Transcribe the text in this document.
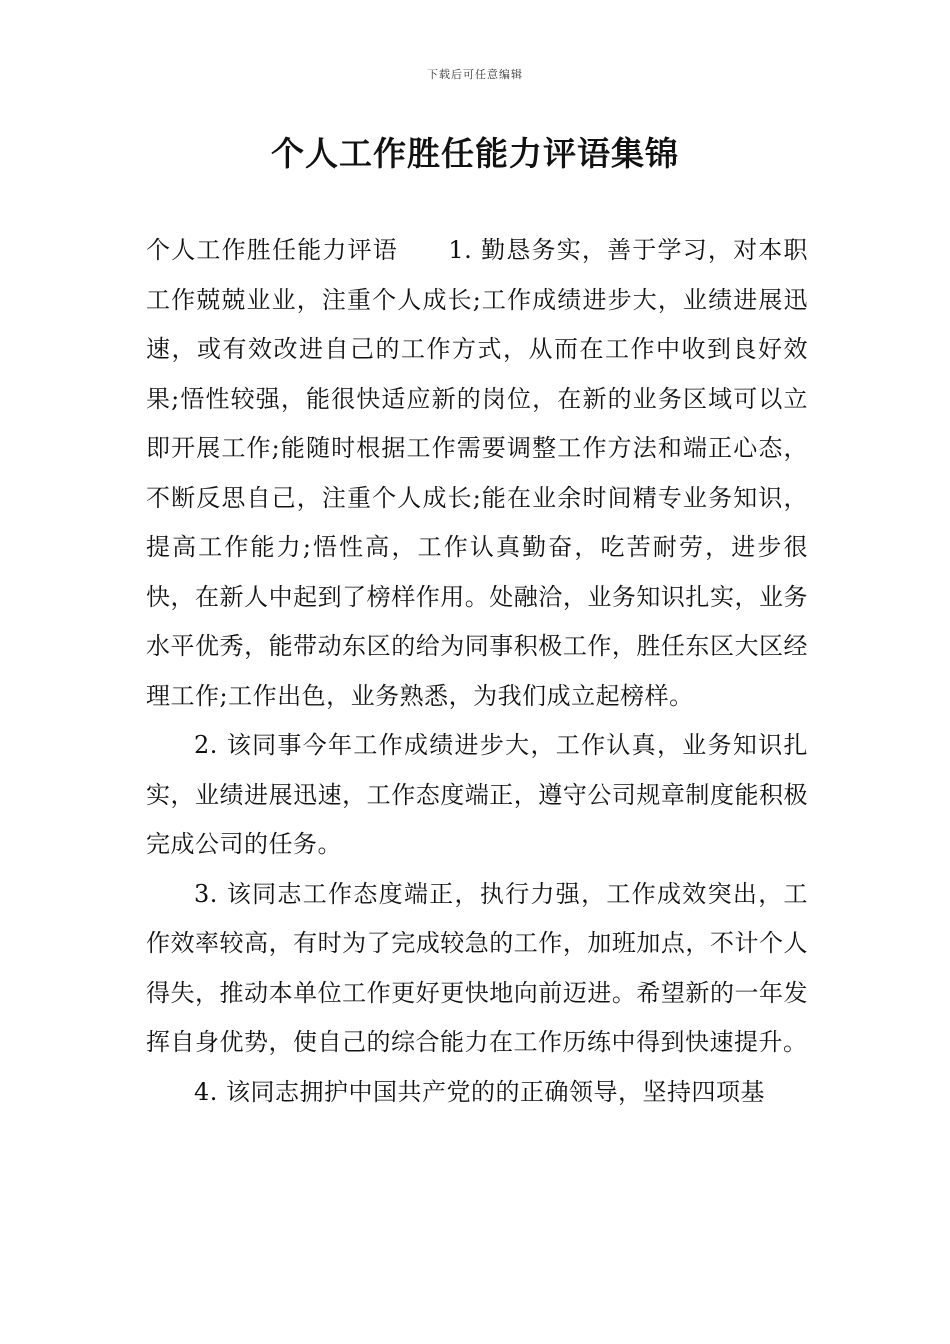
下载后可任意编辑
个人工作胜任能力评语集锦

个人工作胜任能力评语　　1. 勤恳务实，善于学习，对本职工作兢兢业业，注重个人成长;工作成绩进步大，业绩进展迅速，或有效改进自己的工作方式，从而在工作中收到良好效果;悟性较强，能很快适应新的岗位，在新的业务区域可以立即开展工作;能随时根据工作需要调整工作方法和端正心态，不断反思自己，注重个人成长;能在业余时间精专业务知识，提高工作能力;悟性高，工作认真勤奋，吃苦耐劳，进步很快，在新人中起到了榜样作用。处融洽，业务知识扎实，业务水平优秀，能带动东区的给为同事积极工作，胜任东区大区经理工作;工作出色，业务熟悉，为我们成立起榜样。

2. 该同事今年工作成绩进步大，工作认真，业务知识扎实，业绩进展迅速，工作态度端正，遵守公司规章制度能积极完成公司的任务。

3. 该同志工作态度端正，执行力强，工作成效突出，工作效率较高，有时为了完成较急的工作，加班加点，不计个人得失，推动本单位工作更好更快地向前迈进。希望新的一年发挥自身优势，使自己的综合能力在工作历练中得到快速提升。

4. 该同志拥护中国共产党的的正确领导，坚持四项基
